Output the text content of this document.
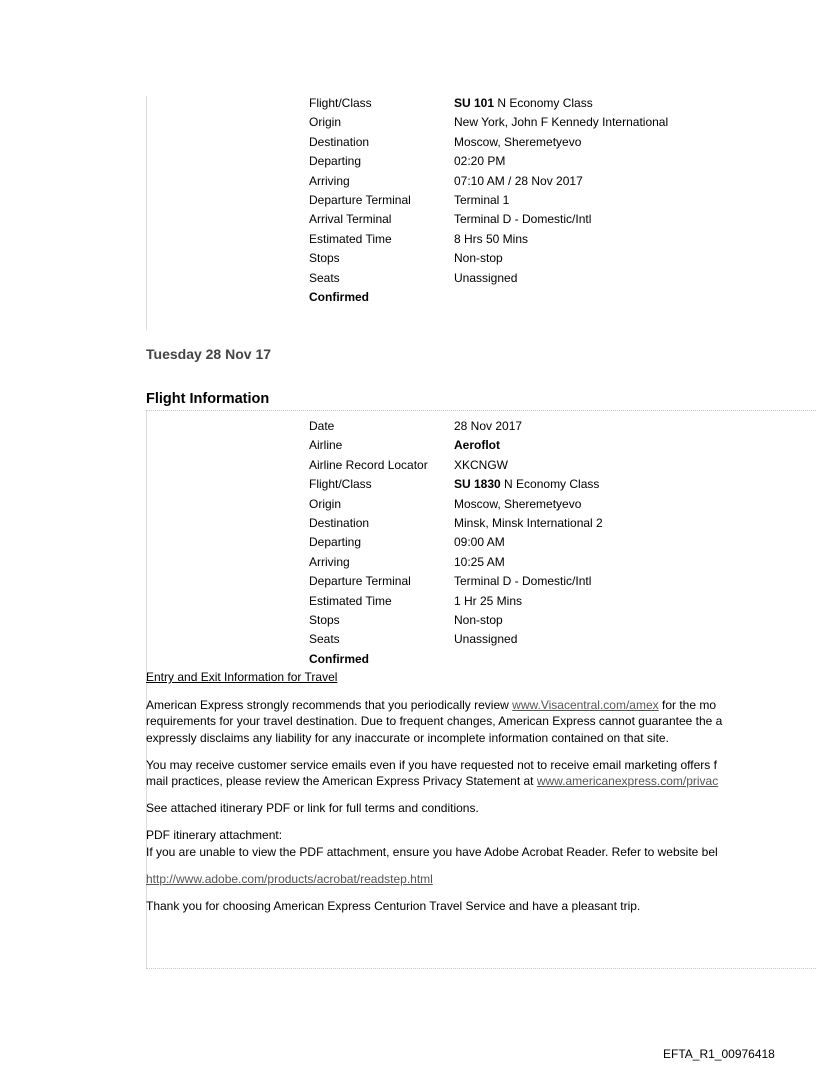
Flight/Class	SU 101 N Economy Class
Origin	New York, John F Kennedy International
Destination	Moscow, Sheremetyevo
Departing	02:20 PM
Arriving	07:10 AM / 28 Nov 2017
Departure Terminal	Terminal 1
Arrival Terminal	Terminal D - Domestic/Intl
Estimated Time	8 Hrs 50 Mins
Stops	Non-stop
Seats	Unassigned
Confirmed
Tuesday 28 Nov 17
Flight Information
Date	28 Nov 2017
Airline	Aeroflot
Airline Record Locator XKCNGW
Flight/Class	SU 1830 N Economy Class
Origin	Moscow, Sheremetyevo
Destination	Minsk, Minsk International 2
Departing	09:00 AM
Arriving	10:25 AM
Departure Terminal	Terminal D - Domestic/Intl
Estimated Time	1 Hr 25 Mins
Stops	Non-stop
Seats	Unassigned
Confirmed

Entry and Exit Information for Travel

American Express strongly recommends that you periodically review www.Visacentral.com/amex for the mo
requirements for your travel destination. Due to frequent changes, American Express cannot guarantee the a
expressly disclaims any liability for any inaccurate or incomplete information contained on that site.

You may receive customer service emails even if you have requested not to receive email marketing offers f
mail practices, please review the American Express Privacy Statement at www.americanexpress.com/privac

See attached itinerary PDF or link for full terms and conditions.

PDF itinerary attachment:
If you are unable to view the PDF attachment, ensure you have Adobe Acrobat Reader. Refer to website bel

http://www.adobe.com/products/acrobat/readstep.html

Thank you for choosing American Express Centurion Travel Service and have a pleasant trip.

EFTA_R1_00976418
